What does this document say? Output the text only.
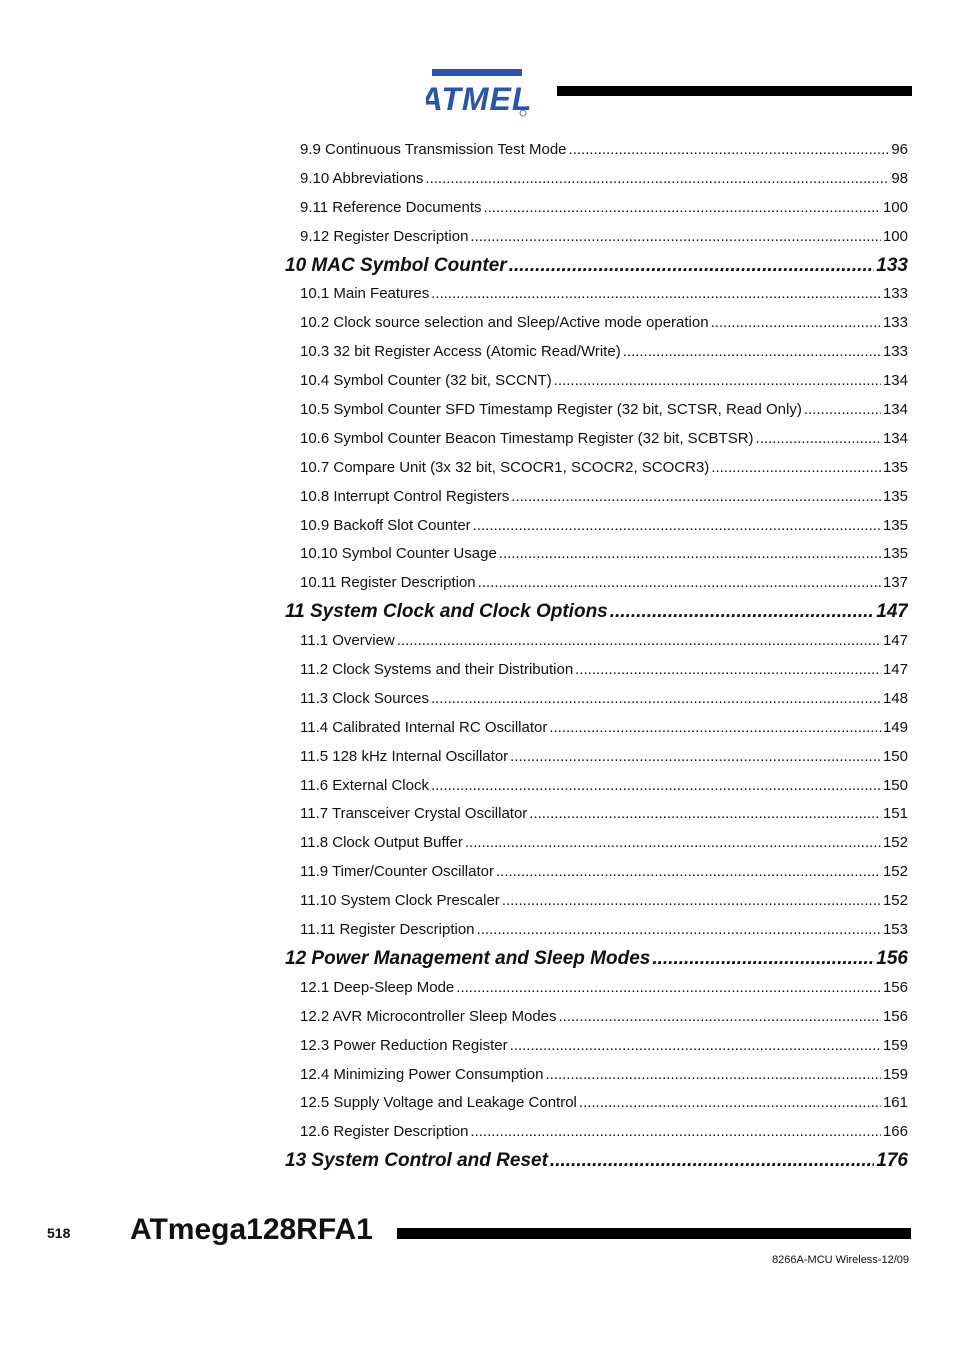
ATMEL
9.9 Continuous Transmission Test Mode .....	96
9.10 Abbreviations .....	98
9.11 Reference Documents .....	100
9.12 Register Description .....	100
10 MAC Symbol Counter .....	133
10.1 Main Features .....	133
10.2 Clock source selection and Sleep/Active mode operation .....	133
10.3 32 bit Register Access (Atomic Read/Write) .....	133
10.4 Symbol Counter (32 bit, SCCNT) .....	134
10.5 Symbol Counter SFD Timestamp Register (32 bit, SCTSR, Read Only) .....	134
10.6 Symbol Counter Beacon Timestamp Register (32 bit, SCBTSR) .....	134
10.7 Compare Unit (3x 32 bit, SCOCR1, SCOCR2, SCOCR3) .....	135
10.8 Interrupt Control Registers .....	135
10.9 Backoff Slot Counter .....	135
10.10 Symbol Counter Usage .....	135
10.11 Register Description .....	137
11 System Clock and Clock Options .....	147
11.1 Overview .....	147
11.2 Clock Systems and their Distribution .....	147
11.3 Clock Sources .....	148
11.4 Calibrated Internal RC Oscillator .....	149
11.5 128 kHz Internal Oscillator .....	150
11.6 External Clock .....	150
11.7 Transceiver Crystal Oscillator .....	151
11.8 Clock Output Buffer .....	152
11.9 Timer/Counter Oscillator .....	152
11.10 System Clock Prescaler .....	152
11.11 Register Description .....	153
12 Power Management and Sleep Modes .....	156
12.1 Deep-Sleep Mode .....	156
12.2 AVR Microcontroller Sleep Modes .....	156
12.3 Power Reduction Register .....	159
12.4 Minimizing Power Consumption .....	159
12.5 Supply Voltage and Leakage Control .....	161
12.6 Register Description .....	166
13 System Control and Reset .....	176
518 ATmega128RFA1
8266A-MCU Wireless-12/09
